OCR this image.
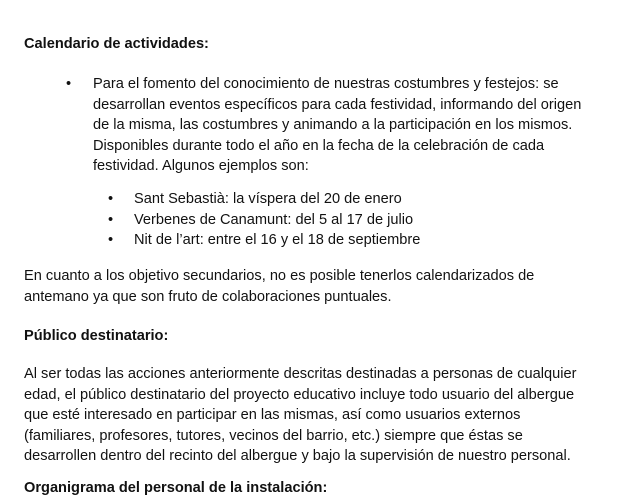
Calendario de actividades:
• Para el fomento del conocimiento de nuestras costumbres y festejos: se
desarrollan eventos específicos para cada festividad, informando del origen
de la misma, las costumbres y animando a la participación en los mismos.
Disponibles durante todo el año en la fecha de la celebración de cada
festividad. Algunos ejemplos son:
• Sant Sebastià: la víspera del 20 de enero
• Verbenes de Canamunt: del 5 al 17 de julio
• Nit de l’art: entre el 16 y el 18 de septiembre
En cuanto a los objetivo secundarios, no es posible tenerlos calendarizados de
antemano ya que son fruto de colaboraciones puntuales.
Público destinatario:
Al ser todas las acciones anteriormente descritas destinadas a personas de cualquier
edad, el público destinatario del proyecto educativo incluye todo usuario del albergue
que esté interesado en participar en las mismas, así como usuarios externos
(familiares, profesores, tutores, vecinos del barrio, etc.) siempre que éstas se
desarrollen dentro del recinto del albergue y bajo la supervisión de nuestro personal.
Organigrama del personal de la instalación:
